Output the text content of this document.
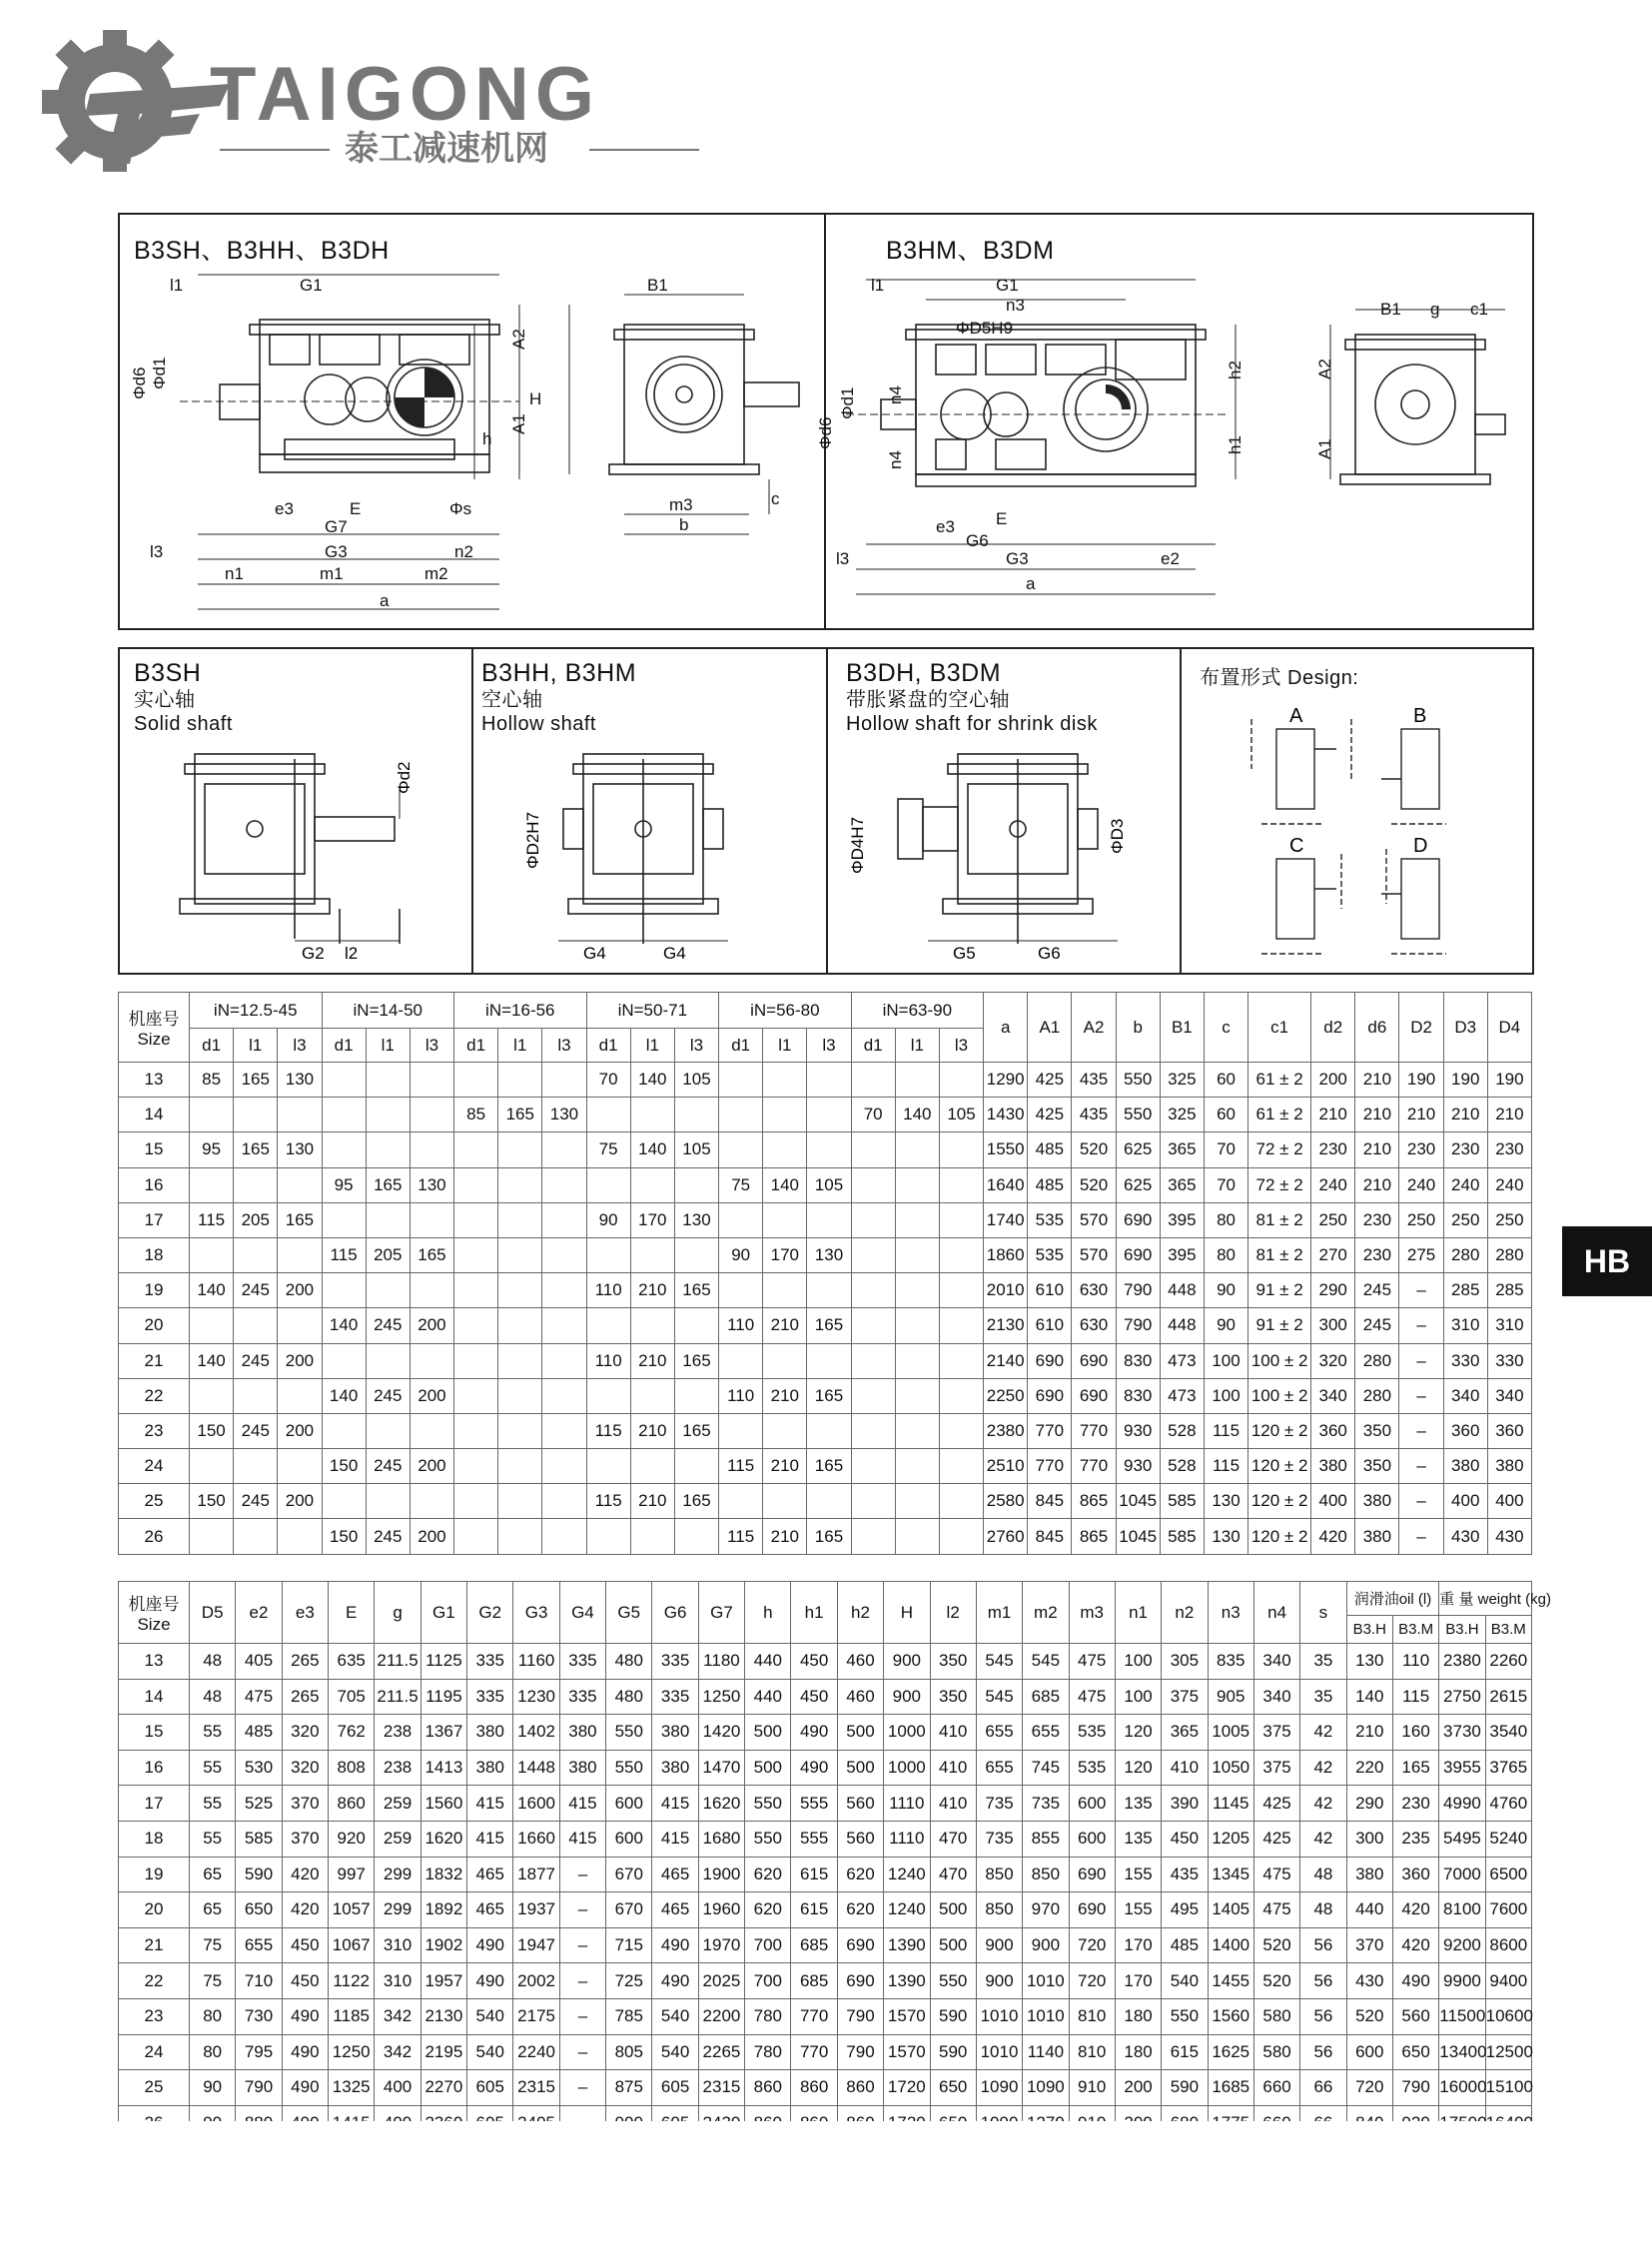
TAIGONG
泰工减速机网
HB
B3SH、B3HH、B3DH
l1	G1
Φd6 Φd1
A2
A1
B1
H
h
e3	E	Φs	m3
b
c
G7
l3	G3
n1	m1	m2
n2
a
B3HM、B3DM
l1	G1
n3
ΦD5H9
Φd6
Φd1 n4
n4
B1 g c1
h2	A2
h1	A1
e3 E
G6
l3	G3	e2
a
B3SH
实心轴
Solid shaft
Φd2
G2 l2
B3HH, B3HM
空心轴
Hollow shaft
ΦD2H7
G4	G4
B3DH, B3DM
带胀紧盘的空心轴
Hollow shaft for shrink disk
ΦD4H7	ΦD3
G5	G6
布置形式 Design:
A	B
C	D
机座号
Size	iN=12.5-45			iN=14-50			iN=16-56			iN=50-71			iN=56-80			iN=63-90			a	A1	A2	b	B1	c	c1	d2	d6	D2	D3	D4
	d1	l1	l3	d1	l1	l3	d1	l1	l3	d1	l1	l3	d1	l1	l3	d1	l1	l3												
13	85	165	130							70	140	105							1290	425	435	550	325	60	61 ± 2	200	210	190	190	190
14							85	165	130							70	140	105	1430	425	435	550	325	60	61 ± 2	210	210	210	210	210
15	95	165	130							75	140	105							1550	485	520	625	365	70	72 ± 2	230	210	230	230	230
16				95	165	130							75	140	105				1640	485	520	625	365	70	72 ± 2	240	210	240	240	240
17	115	205	165							90	170	130							1740	535	570	690	395	80	81 ± 2	250	230	250	250	250
18				115	205	165							90	170	130				1860	535	570	690	395	80	81 ± 2	270	230	275	280	280
19	140	245	200							110	210	165							2010	610	630	790	448	90	91 ± 2	290	245	–	285	285
20				140	245	200							110	210	165				2130	610	630	790	448	90	91 ± 2	300	245	–	310	310
21	140	245	200							110	210	165							2140	690	690	830	473	100	100 ± 2	320	280	–	330	330
22				140	245	200							110	210	165				2250	690	690	830	473	100	100 ± 2	340	280	–	340	340
23	150	245	200							115	210	165							2380	770	770	930	528	115	120 ± 2	360	350	–	360	360
24				150	245	200							115	210	165				2510	770	770	930	528	115	120 ± 2	380	350	–	380	380
25	150	245	200							115	210	165							2580	845	865	1045	585	130	120 ± 2	400	380	–	400	400
26				150	245	200							115	210	165				2760	845	865	1045	585	130	120 ± 2	420	380	–	430	430
机座号
Size	D5	e2	e3	E	g	G1	G2	G3	G4	G5	G6	G7	h	h1	h2	H	l2	m1	m2	m3	n1	n2	n3	n4	s	润滑油oil (l)		重 量 weight (kg)	
																										B3.H	B3.M	B3.H	B3.M
13	48	405	265	635	211.5	1125	335	1160	335	480	335	1180	440	450	460	900	350	545	545	475	100	305	835	340	35	130	110	2380	2260
14	48	475	265	705	211.5	1195	335	1230	335	480	335	1250	440	450	460	900	350	545	685	475	100	375	905	340	35	140	115	2750	2615
15	55	485	320	762	238	1367	380	1402	380	550	380	1420	500	490	500	1000	410	655	655	535	120	365	1005	375	42	210	160	3730	3540
16	55	530	320	808	238	1413	380	1448	380	550	380	1470	500	490	500	1000	410	655	745	535	120	410	1050	375	42	220	165	3955	3765
17	55	525	370	860	259	1560	415	1600	415	600	415	1620	550	555	560	1110	410	735	735	600	135	390	1145	425	42	290	230	4990	4760
18	55	585	370	920	259	1620	415	1660	415	600	415	1680	550	555	560	1110	470	735	855	600	135	450	1205	425	42	300	235	5495	5240
19	65	590	420	997	299	1832	465	1877	–	670	465	1900	620	615	620	1240	470	850	850	690	155	435	1345	475	48	380	360	7000	6500
20	65	650	420	1057	299	1892	465	1937	–	670	465	1960	620	615	620	1240	500	850	970	690	155	495	1405	475	48	440	420	8100	7600
21	75	655	450	1067	310	1902	490	1947	–	715	490	1970	700	685	690	1390	500	900	900	720	170	485	1400	520	56	370	420	9200	8600
22	75	710	450	1122	310	1957	490	2002	–	725	490	2025	700	685	690	1390	550	900	1010	720	170	540	1455	520	56	430	490	9900	9400
23	80	730	490	1185	342	2130	540	2175	–	785	540	2200	780	770	790	1570	590	1010	1010	810	180	550	1560	580	56	520	560	11500	10600
24	80	795	490	1250	342	2195	540	2240	–	805	540	2265	780	770	790	1570	590	1010	1140	810	180	615	1625	580	56	600	650	13400	12500
25	90	790	490	1325	400	2270	605	2315	–	875	605	2315	860	860	860	1720	650	1090	1090	910	200	590	1685	660	66	720	790	16000	15100
